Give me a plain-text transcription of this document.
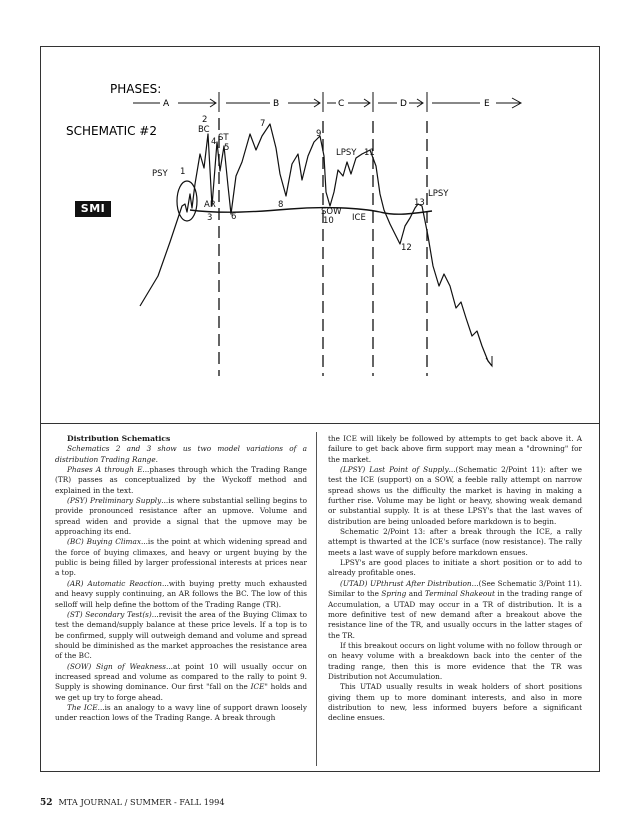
PHASES:
A	B	C	D	E
SCHEMATIC #2
PSY 1
2
BC
4 ST
5
AR
3 6
7
8
9
SOW
10
LPSY 11
ICE
12
13
LPSY
SMI

Distribution Schematics

Schematics 2 and 3 show us two model variations of a distribution Trading Range.

Phases A through E...phases through which the Trading Range (TR) passes as conceptualized by the Wyckoff method and explained in the text.

(PSY) Preliminary Supply...is where substantial selling begins to provide pronounced resistance after an upmove. Volume and spread widen and provide a signal that the upmove may be approaching its end.

(BC) Buying Climax...is the point at which widening spread and the force of buying climaxes, and heavy or urgent buying by the public is being filled by larger professional interests at prices near a top.

(AR) Automatic Reaction...with buying pretty much exhausted and heavy supply continuing, an AR follows the BC. The low of this selloff will help define the bottom of the Trading Range (TR).

(ST) Secondary Test(s)...revisit the area of the Buying Climax to test the demand/supply balance at these price levels. If a top is to be confirmed, supply will outweigh demand and volume and spread should be diminished as the market approaches the resistance area of the BC.

(SOW) Sign of Weakness...at point 10 will usually occur on increased spread and volume as compared to the rally to point 9. Supply is showing dominance. Our first "fall on the ICE" holds and we get up try to forge ahead.

The ICE...is an analogy to a wavy line of support drawn loosely under reaction lows of the Trading Range. A break through

the ICE will likely be followed by attempts to get back above it. A failure to get back above firm support may mean a "drowning" for the market.

(LPSY) Last Point of Supply...(Schematic 2/Point 11): after we test the ICE (support) on a SOW, a feeble rally attempt on narrow spread shows us the difficulty the market is having in making a further rise. Volume may be light or heavy, showing weak demand or substantial supply. It is at these LPSY's that the last waves of distribution are being unloaded before markdown is to begin.

Schematic 2/Point 13: after a break through the ICE, a rally attempt is thwarted at the ICE's surface (now resistance). The rally meets a last wave of supply before markdown ensues.

LPSY's are good places to initiate a short position or to add to already profitable ones.

(UTAD) UPthrust After Distribution...(See Schematic 3/Point 11). Similar to the Spring and Terminal Shakeout in the trading range of Accumulation, a UTAD may occur in a TR of distribution. It is a more definitive test of new demand after a breakout above the resistance line of the TR, and usually occurs in the latter stages of the TR.

If this breakout occurs on light volume with no follow through or on heavy volume with a breakdown back into the center of the trading range, then this is more evidence that the TR was Distribution not Accumulation.

This UTAD usually results in weak holders of short positions giving them up to more dominant interests, and also in more distribution to new, less informed buyers before a significant decline ensues.

52 MTA JOURNAL / SUMMER - FALL 1994
